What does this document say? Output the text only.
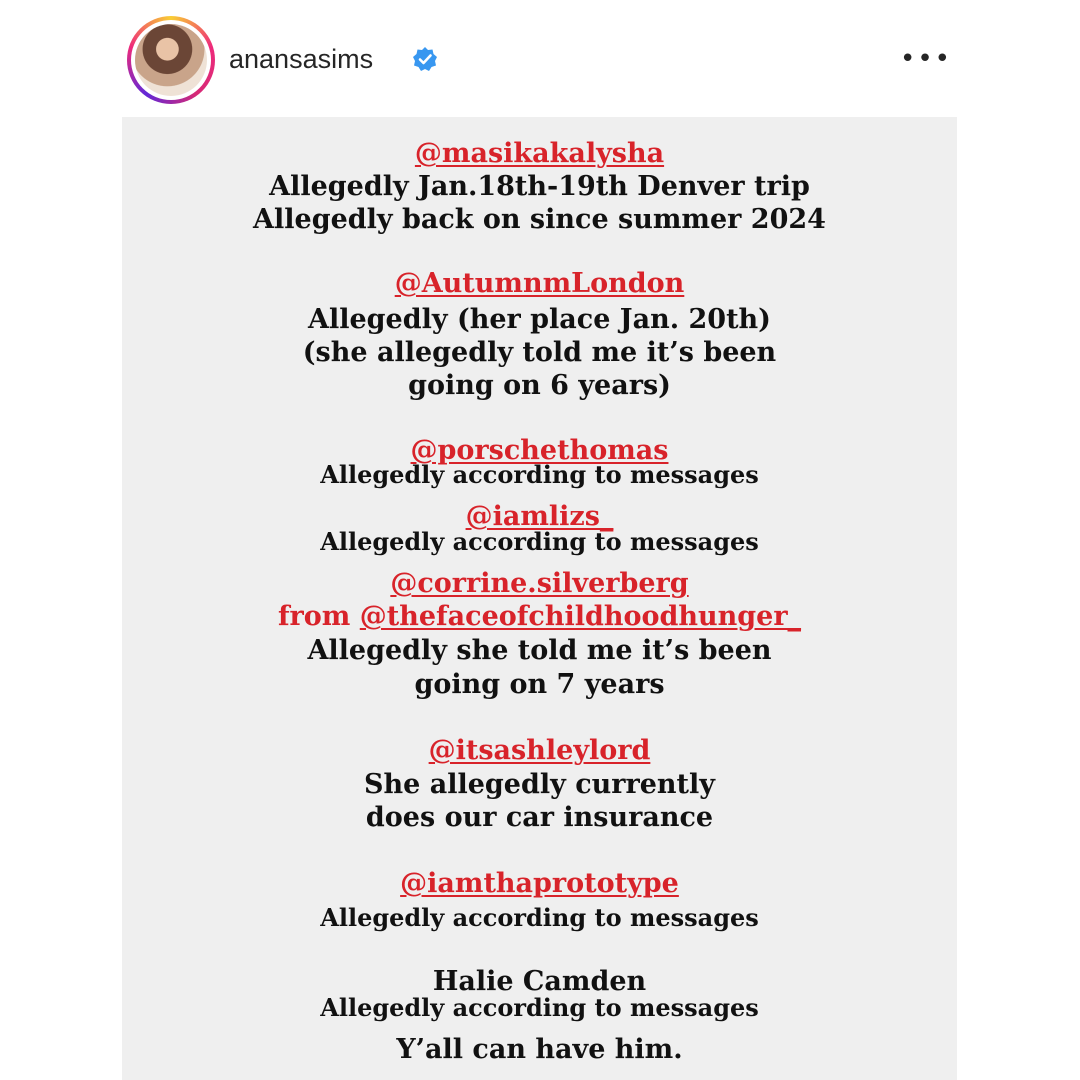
anansasims	•••
@masikakalysha
Allegedly Jan.18th-19th Denver trip
Allegedly back on since summer 2024
@AutumnmLondon
Allegedly (her place Jan. 20th)
(she allegedly told me it’s been
going on 6 years)
@porschethomas
Allegedly according to messages
@iamlizs_
Allegedly according to messages
@corrine.silverberg
from @thefaceofchildhoodhunger_
Allegedly she told me it’s been
going on 7 years
@itsashleylord
She allegedly currently
does our car insurance
@iamthaprototype
Allegedly according to messages
Halie Camden
Allegedly according to messages
Y’all can have him.
